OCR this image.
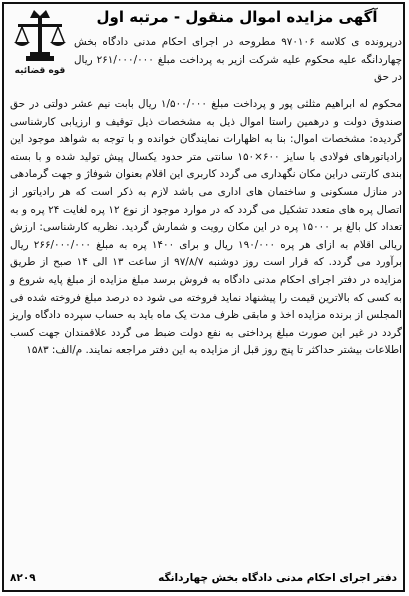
قوه قضائیه
آگهی مزایده اموال منقول - مرتبه اول
درپرونده ی کلاسه ۹۷۰۱۰۶ مطروحه در اجرای احکام مدنی دادگاه بخش چهاردانگه علیه محکوم علیه شرکت ازیر به پرداخت مبلغ ۲۶۱/۰۰۰/۰۰۰ ریال در حق
محکوم له ابراهیم مثلثی پور و پرداخت مبلغ ۱/۵۰۰/۰۰۰ ریال بابت نیم عشر دولتی در حق صندوق دولت و درهمین راستا اموال ذیل به مشخصات ذیل توقیف و ارزیابی کارشناسی گردیده: مشخصات اموال: بنا به اظهارات نمایندگان خوانده و با توجه به شواهد موجود این رادیاتورهای فولادی با سایز ۶۰۰×۱۵۰ سانتی متر حدود یکسال پیش تولید شده و با بسته بندی کارتنی دراین مکان نگهداری می گردد کاربری این اقلام بعنوان شوفاژ و جهت گرمادهی در منازل مسکونی و ساختمان های اداری می باشد لازم به ذکر است که هر رادیاتور از اتصال پره های متعدد تشکیل می گردد که در موارد موجود از نوع ۱۲ پره لغایت ۲۴ پره و به تعداد کل بالغ بر ۱۵۰۰۰ پره در این مکان رویت و شمارش گردید. نظریه کارشناسی: ارزش ریالی اقلام به ازای هر پره ۱۹۰/۰۰۰ ریال و برای ۱۴۰۰ پره به مبلغ ۲۶۶/۰۰۰/۰۰۰ ریال برآورد می گردد. که قرار است روز دوشنبه ۹۷/۸/۷ از ساعت ۱۳ الی ۱۴ صبح از طریق مزایده در دفتر اجرای احکام مدنی دادگاه به فروش برسد مبلغ مزایده از مبلغ پایه شروع و به کسی که بالاترین قیمت را پیشنهاد نماید فروخته می شود ده درصد مبلغ فروخته شده فی المجلس از برنده مزایده اخذ و مابقی ظرف مدت یک ماه باید به حساب سپرده دادگاه واریز گردد در غیر این صورت مبلغ پرداختی به نفع دولت ضبط می گردد علاقمندان جهت کسب اطلاعات بیشتر حداکثر تا پنج روز قبل از مزایده به این دفتر مراجعه نمایند. م/الف: ۱۵۸۳
دفتر اجرای احکام مدنی دادگاه بخش چهاردانگه
۸۲۰۹
